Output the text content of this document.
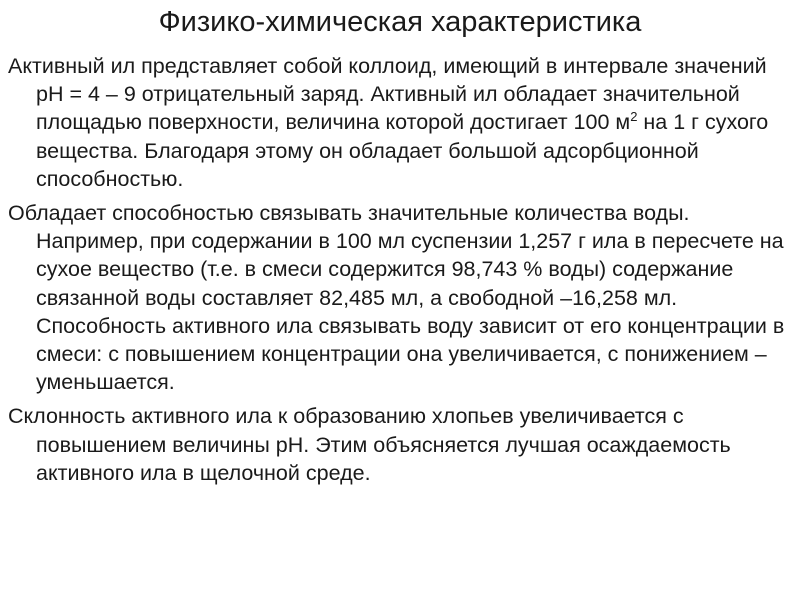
Физико-химическая характеристика

Активный ил представляет собой коллоид, имеющий в интервале значений рН = 4 – 9 отрицательный заряд. Активный ил обладает значительной площадью поверхности, величина которой достигает 100 $м^2$ на 1 г сухого вещества. Благодаря этому он обладает большой адсорбционной способностью.

Обладает способностью связывать значительные количества воды. Например, при содержании в 100 мл суспензии 1,257 г ила в пересчете на сухое вещество (т.е. в смеси содержится 98,743 % воды) содержание связанной воды составляет 82,485 мл, а свободной –16,258 мл. Способность активного ила связывать воду зависит от его концентрации в смеси: с повышением концентрации она увеличивается, с понижением – уменьшается.

Склонность активного ила к образованию хлопьев увеличивается с повышением величины рН. Этим объясняется лучшая осаждаемость активного ила в щелочной среде.
